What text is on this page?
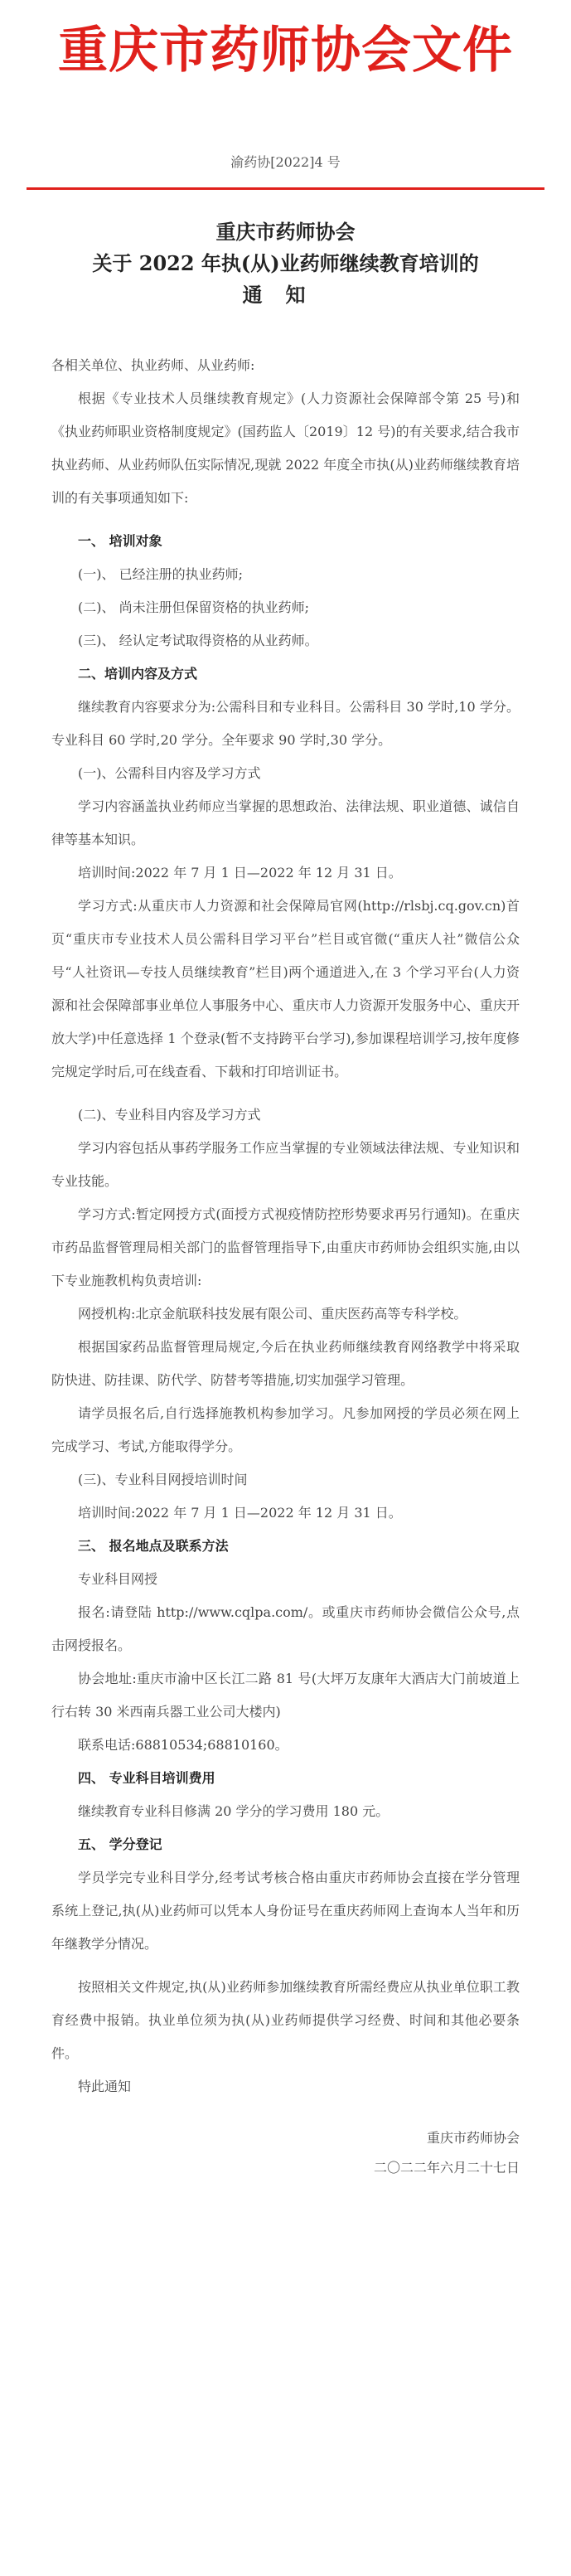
重庆市药师协会文件
渝药协[2022]4 号
重庆市药师协会
关于 2022 年执(从)业药师继续教育培训的
通知

各相关单位、执业药师、从业药师:

根据《专业技术人员继续教育规定》(人力资源社会保障部令第 25 号)和《执业药师职业资格制度规定》(国药监人〔2019〕12 号)的有关要求,结合我市执业药师、从业药师队伍实际情况,现就 2022 年度全市执(从)业药师继续教育培训的有关事项通知如下:

一、 培训对象

(一)、 已经注册的执业药师;

(二)、 尚未注册但保留资格的执业药师;

(三)、 经认定考试取得资格的从业药师。

二、培训内容及方式

继续教育内容要求分为:公需科目和专业科目。公需科目 30 学时,10 学分。专业科目 60 学时,20 学分。全年要求 90 学时,30 学分。

(一)、公需科目内容及学习方式

学习内容涵盖执业药师应当掌握的思想政治、法律法规、职业道德、诚信自律等基本知识。

培训时间:2022 年 7 月 1 日—2022 年 12 月 31 日。

学习方式:从重庆市人力资源和社会保障局官网(http://rlsbj.cq.gov.cn)首页“重庆市专业技术人员公需科目学习平台”栏目或官微(“重庆人社”微信公众号“人社资讯—专技人员继续教育”栏目)两个通道进入,在 3 个学习平台(人力资源和社会保障部事业单位人事服务中心、重庆市人力资源开发服务中心、重庆开放大学)中任意选择 1 个登录(暂不支持跨平台学习),参加课程培训学习,按年度修完规定学时后,可在线查看、下载和打印培训证书。

(二)、专业科目内容及学习方式

学习内容包括从事药学服务工作应当掌握的专业领域法律法规、专业知识和专业技能。

学习方式:暂定网授方式(面授方式视疫情防控形势要求再另行通知)。在重庆市药品监督管理局相关部门的监督管理指导下,由重庆市药师协会组织实施,由以下专业施教机构负责培训:

网授机构:北京金航联科技发展有限公司、重庆医药高等专科学校。

根据国家药品监督管理局规定,今后在执业药师继续教育网络教学中将采取防快进、防挂课、防代学、防替考等措施,切实加强学习管理。

请学员报名后,自行选择施教机构参加学习。凡参加网授的学员必须在网上完成学习、考试,方能取得学分。

(三)、专业科目网授培训时间

培训时间:2022 年 7 月 1 日—2022 年 12 月 31 日。

三、 报名地点及联系方法

专业科目网授

报名:请登陆 http://www.cqlpa.com/。或重庆市药师协会微信公众号,点击网授报名。

协会地址:重庆市渝中区长江二路 81 号(大坪万友康年大酒店大门前坡道上行右转 30 米西南兵器工业公司大楼内)

联系电话:68810534;68810160。

四、 专业科目培训费用

继续教育专业科目修满 20 学分的学习费用 180 元。

五、 学分登记

学员学完专业科目学分,经考试考核合格由重庆市药师协会直接在学分管理系统上登记,执(从)业药师可以凭本人身份证号在重庆药师网上查询本人当年和历年继教学分情况。

按照相关文件规定,执(从)业药师参加继续教育所需经费应从执业单位职工教育经费中报销。执业单位须为执(从)业药师提供学习经费、时间和其他必要条件。

特此通知

重庆市药师协会
二〇二二年六月二十七日
